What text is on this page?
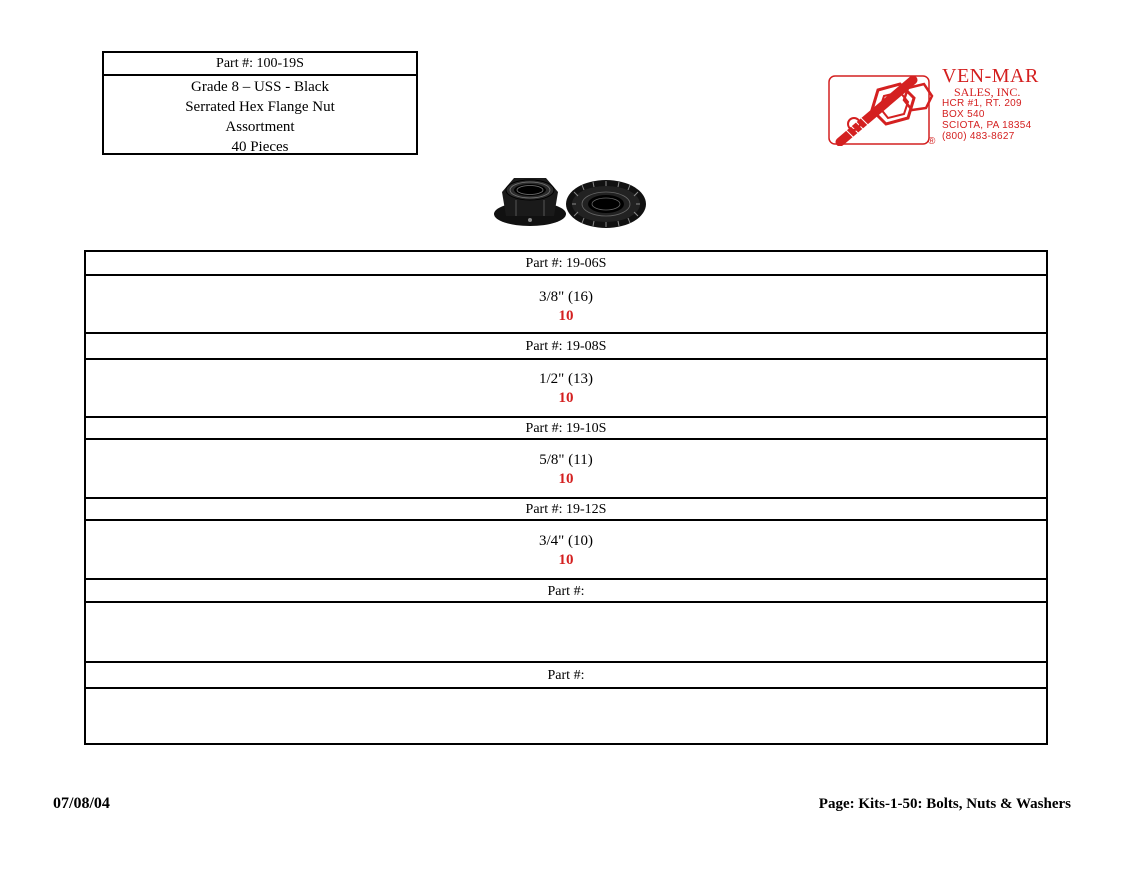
Part #: 100-19S
Grade 8 – USS - Black
Serrated Hex Flange Nut
Assortment
40 Pieces	®
VEN-MAR
SALES, INC.
HCR #1, RT. 209
BOX 540
SCIOTA, PA 18354
(800) 483-8627
Part #: 19-06S
3/8" (16)
10
Part #: 19-08S
1/2" (13)
10
Part #: 19-10S
5/8" (11)
10
Part #: 19-12S
3/4" (10)
10
Part #:
Part #:
07/08/04	Page: Kits-1-50: Bolts, Nuts & Washers
